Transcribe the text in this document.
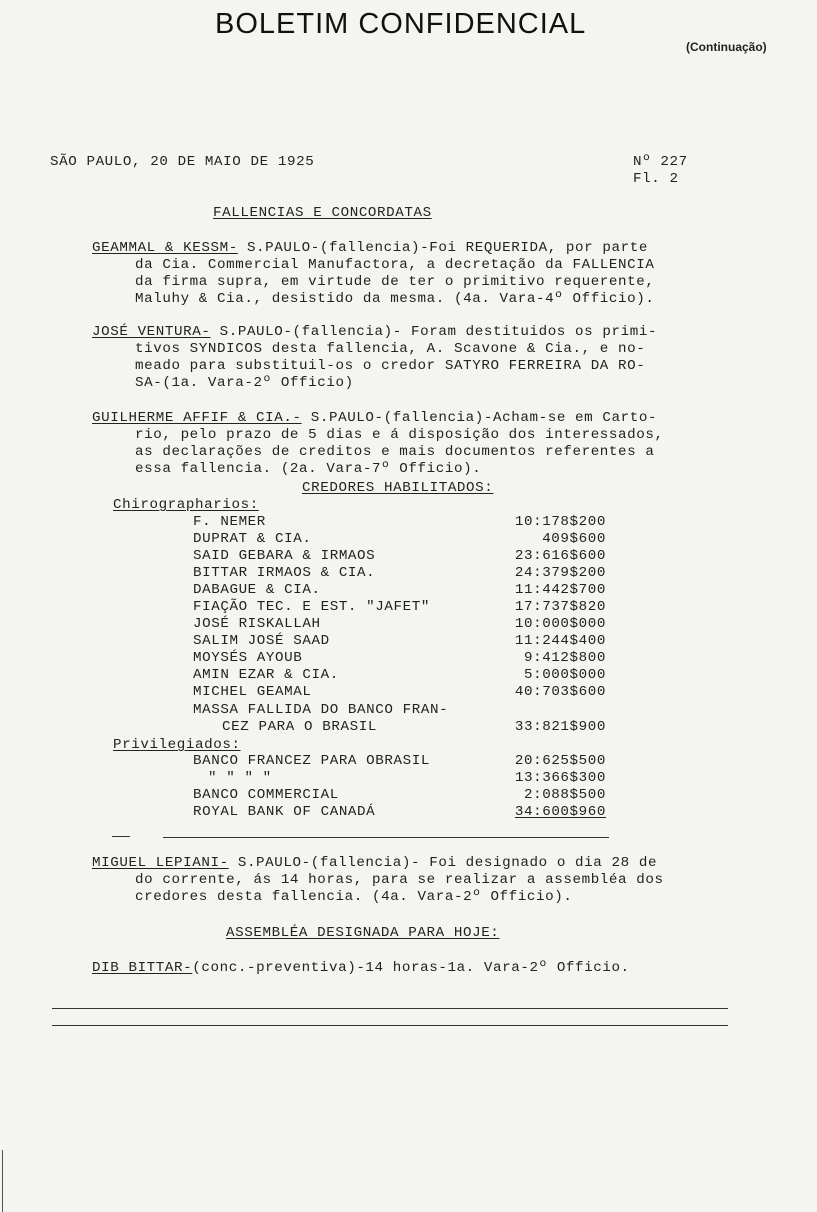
BOLETIM CONFIDENCIAL
(Continuação)
SÃO PAULO, 20 DE MAIO DE 1925	Nº 227
Fl. 2
FALLENCIAS E CONCORDATAS
GEAMMAL & KESSM- S.PAULO-(fallencia)-Foi REQUERIDA, por parte
da Cia. Commercial Manufactora, a decretação da FALLENCIA
da firma supra, em virtude de ter o primitivo requerente,
Maluhy & Cia., desistido da mesma. (4a. Vara-4º Officio).
JOSÉ VENTURA- S.PAULO-(fallencia)- Foram destituidos os primi-
tivos SYNDICOS desta fallencia, A. Scavone & Cia., e no-
meado para substituil-os o credor SATYRO FERREIRA DA RO-
SA-(1a. Vara-2º Officio)
GUILHERME AFFIF & CIA.- S.PAULO-(fallencia)-Acham-se em Carto-
rio, pelo prazo de 5 dias e á disposição dos interessados,
as declarações de creditos e mais documentos referentes a
essa fallencia. (2a. Vara-7º Officio).
CREDORES HABILITADOS:
Chirographarios:
F. NEMER	10:178$200
DUPRAT & CIA.	409$600
SAID GEBARA & IRMAOS	23:616$600
BITTAR IRMAOS & CIA.	24:379$200
DABAGUE & CIA.	11:442$700
FIAÇÃO TEC. E EST. "JAFET"	17:737$820
JOSÉ RISKALLAH	10:000$000
SALIM JOSÉ SAAD	11:244$400
MOYSÉS AYOUB	9:412$800
AMIN EZAR & CIA.	5:000$000
MICHEL GEAMAL	40:703$600
MASSA FALLIDA DO BANCO FRAN-
CEZ PARA O BRASIL	33:821$900
Privilegiados:
BANCO FRANCEZ PARA OBRASIL	20:625$500
" " " "	13:366$300
BANCO COMMERCIAL	2:088$500
ROYAL BANK OF CANADÁ	34:600$960
MIGUEL LEPIANI- S.PAULO-(fallencia)- Foi designado o dia 28 de
do corrente, ás 14 horas, para se realizar a assembléa dos
credores desta fallencia. (4a. Vara-2º Officio).
ASSEMBLÉA DESIGNADA PARA HOJE:
DIB BITTAR-(conc.-preventiva)-14 horas-1a. Vara-2º Officio.
